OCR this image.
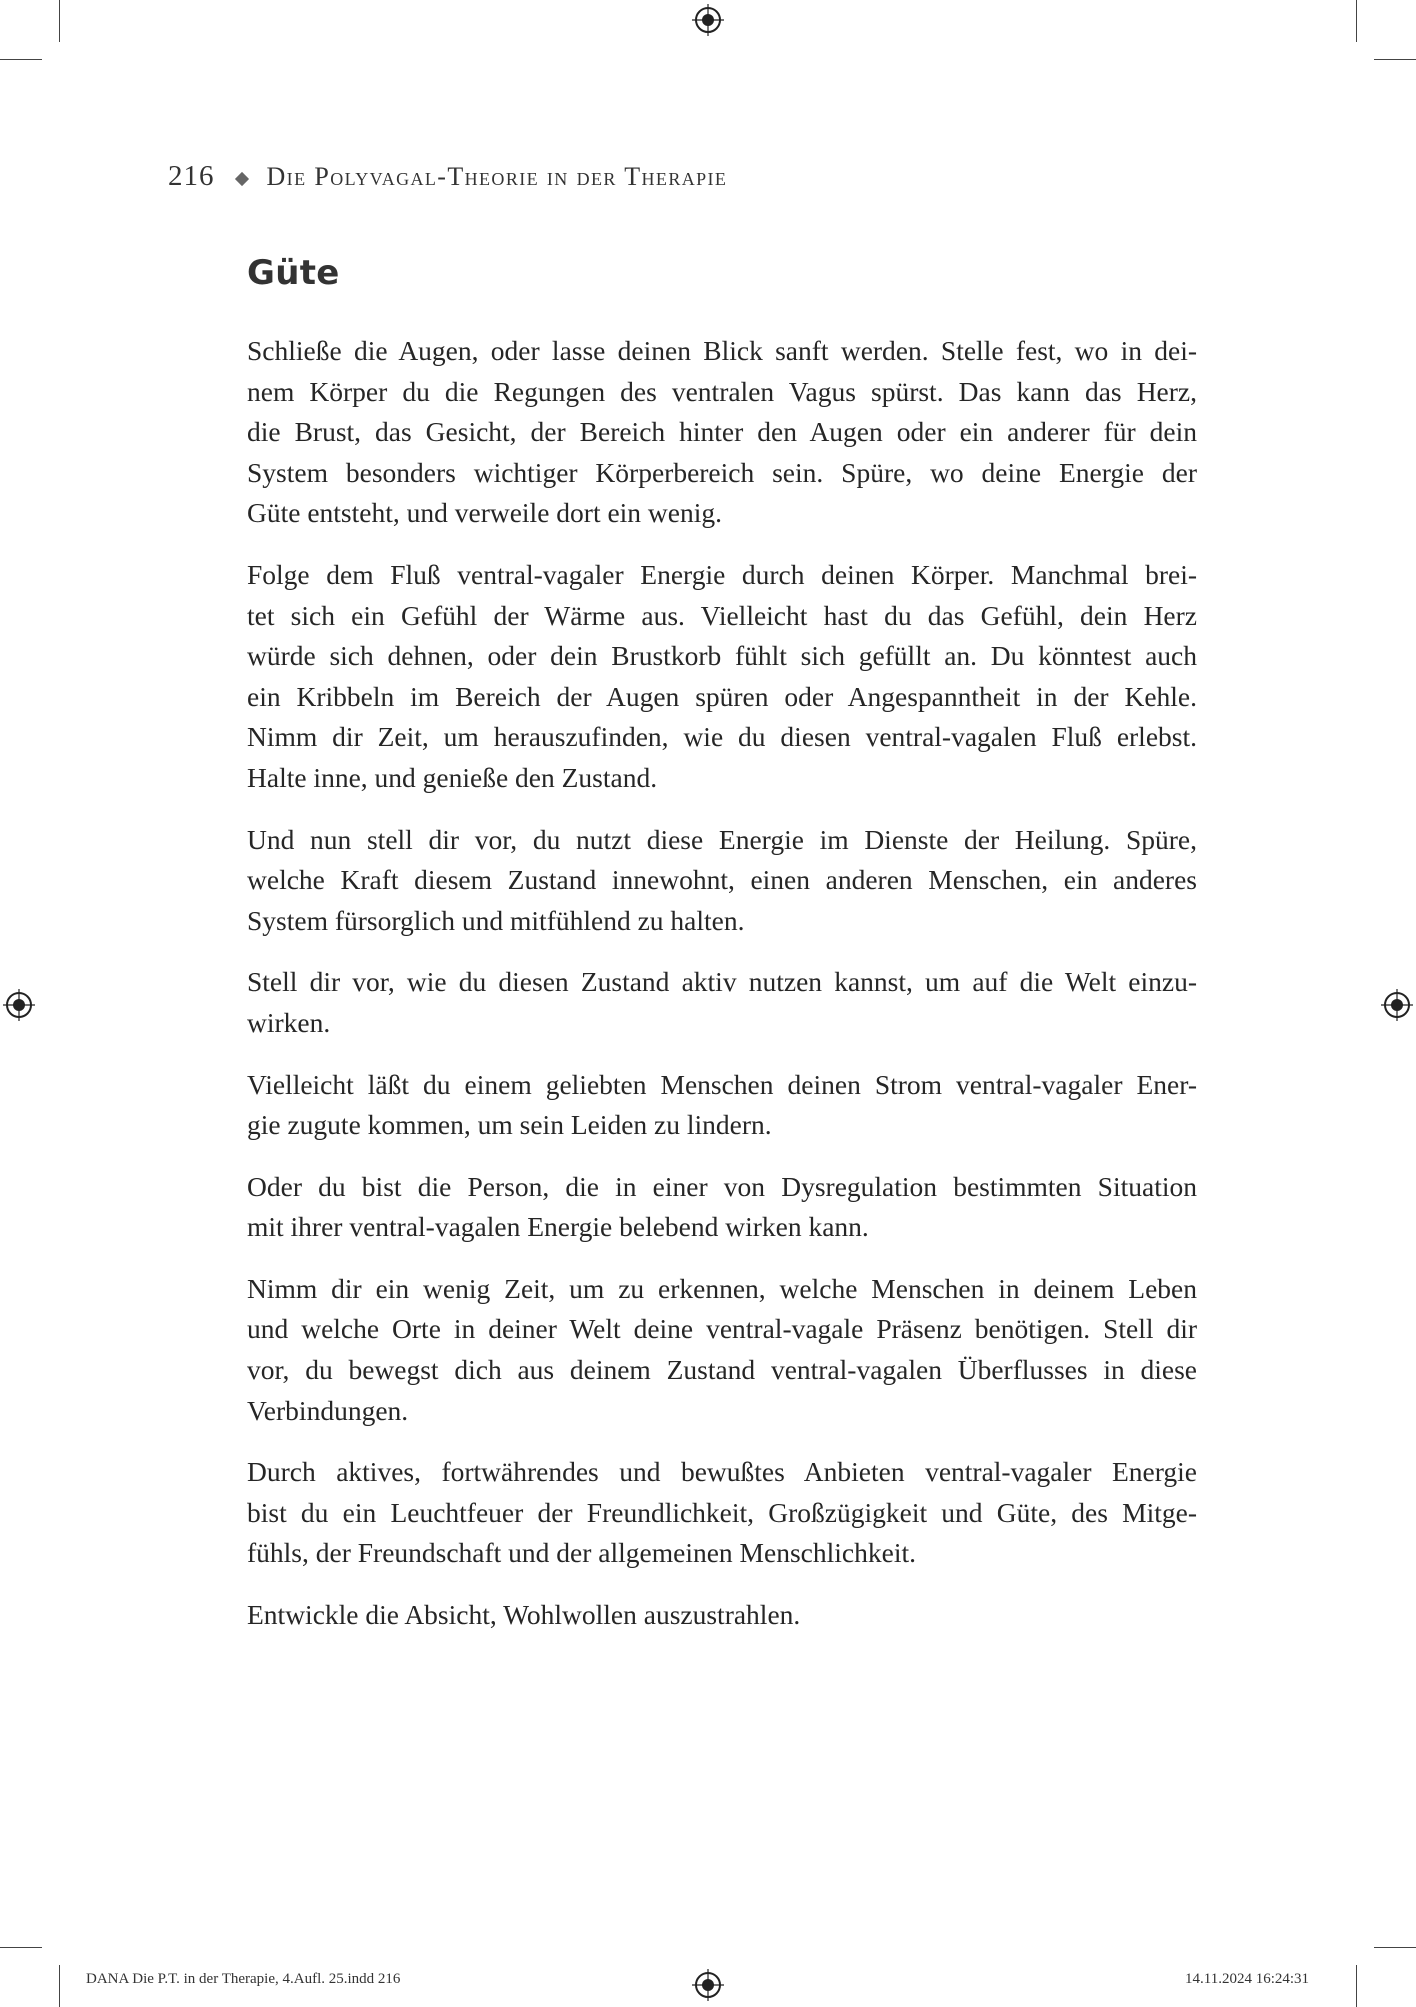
216 Die Polyvagal-Theorie in der Therapie
Güte

Schließe die Augen, oder lasse deinen Blick sanft werden. Stelle fest, wo in dei-
nem Körper du die Regungen des ventralen Vagus spürst. Das kann das Herz,
die Brust, das Gesicht, der Bereich hinter den Augen oder ein anderer für dein
System besonders wichtiger Körperbereich sein. Spüre, wo deine Energie der
Güte entsteht, und verweile dort ein wenig.

Folge dem Fluß ventral-vagaler Energie durch deinen Körper. Manchmal brei-
tet sich ein Gefühl der Wärme aus. Vielleicht hast du das Gefühl, dein Herz
würde sich dehnen, oder dein Brustkorb fühlt sich gefüllt an. Du könntest auch
ein Kribbeln im Bereich der Augen spüren oder Angespanntheit in der Kehle.
Nimm dir Zeit, um herauszufinden, wie du diesen ventral-vagalen Fluß erlebst.
Halte inne, und genieße den Zustand.

Und nun stell dir vor, du nutzt diese Energie im Dienste der Heilung. Spüre,
welche Kraft diesem Zustand innewohnt, einen anderen Menschen, ein anderes
System fürsorglich und mitfühlend zu halten.

Stell dir vor, wie du diesen Zustand aktiv nutzen kannst, um auf die Welt einzu-
wirken.

Vielleicht läßt du einem geliebten Menschen deinen Strom ventral-vagaler Ener-
gie zugute kommen, um sein Leiden zu lindern.

Oder du bist die Person, die in einer von Dysregulation bestimmten Situation
mit ihrer ventral-vagalen Energie belebend wirken kann.

Nimm dir ein wenig Zeit, um zu erkennen, welche Menschen in deinem Leben
und welche Orte in deiner Welt deine ventral-vagale Präsenz benötigen. Stell dir
vor, du bewegst dich aus deinem Zustand ventral-vagalen Überflusses in diese
Verbindungen.

Durch aktives, fortwährendes und bewußtes Anbieten ventral-vagaler Energie
bist du ein Leuchtfeuer der Freundlichkeit, Großzügigkeit und Güte, des Mitge-
fühls, der Freundschaft und der allgemeinen Menschlichkeit.

Entwickle die Absicht, Wohlwollen auszustrahlen.

DANA Die P.T. in der Therapie, 4.Aufl. 25.indd 216	14.11.2024 16:24:31
